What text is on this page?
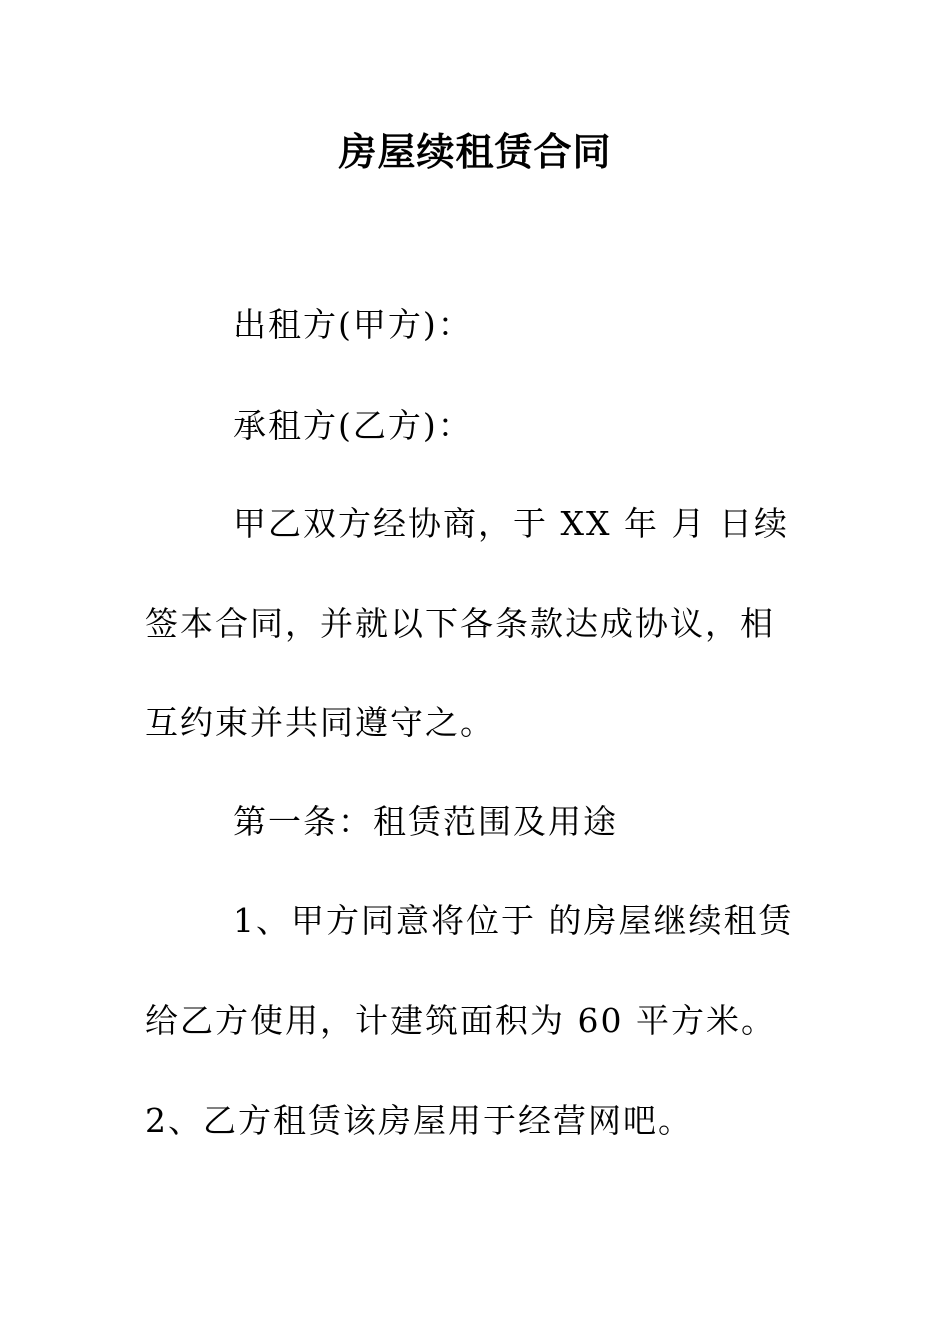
房屋续租赁合同
出租方(甲方)：
承租方(乙方)：
甲乙双方经协商，于 XX 年 月 日续
签本合同，并就以下各条款达成协议，相
互约束并共同遵守之。
第一条：租赁范围及用途
1、甲方同意将位于 的房屋继续租赁
给乙方使用，计建筑面积为 60 平方米。
2、乙方租赁该房屋用于经营网吧。
